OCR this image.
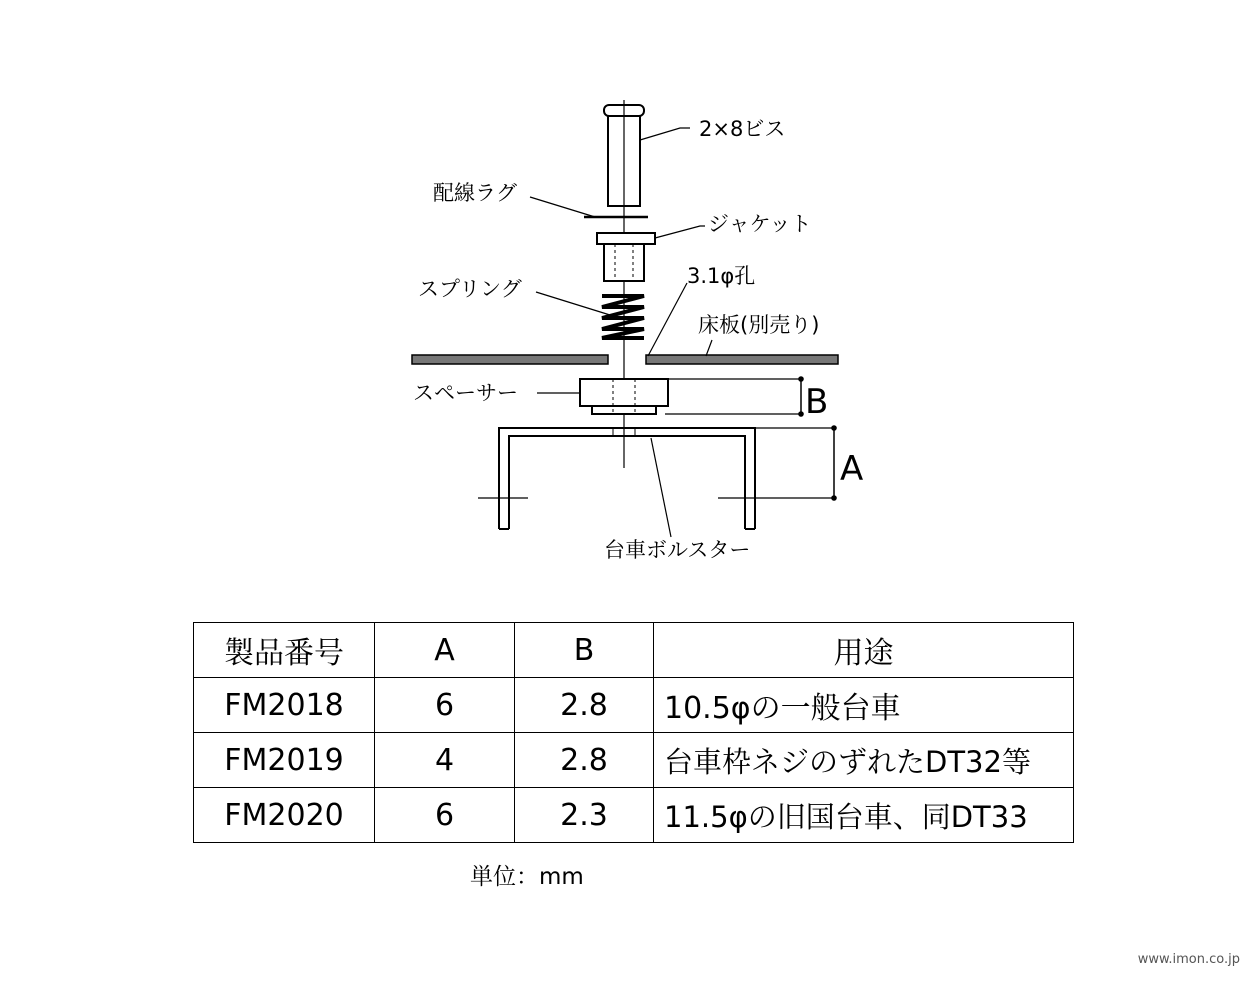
B
A
2×8ビス
配線ラグ
ジャケット
3.1φ孔
スプリング
床板(別売り)
スペーサー
台車ボルスター
製品番号	A	B	用途
FM2018	6	2.8	10.5φの一般台車
FM2019	4	2.8	台車枠ネジのずれたDT32等
FM2020	6	2.3	11.5φの旧国台車、同DT33
単位：mm
www.imon.co.jp
